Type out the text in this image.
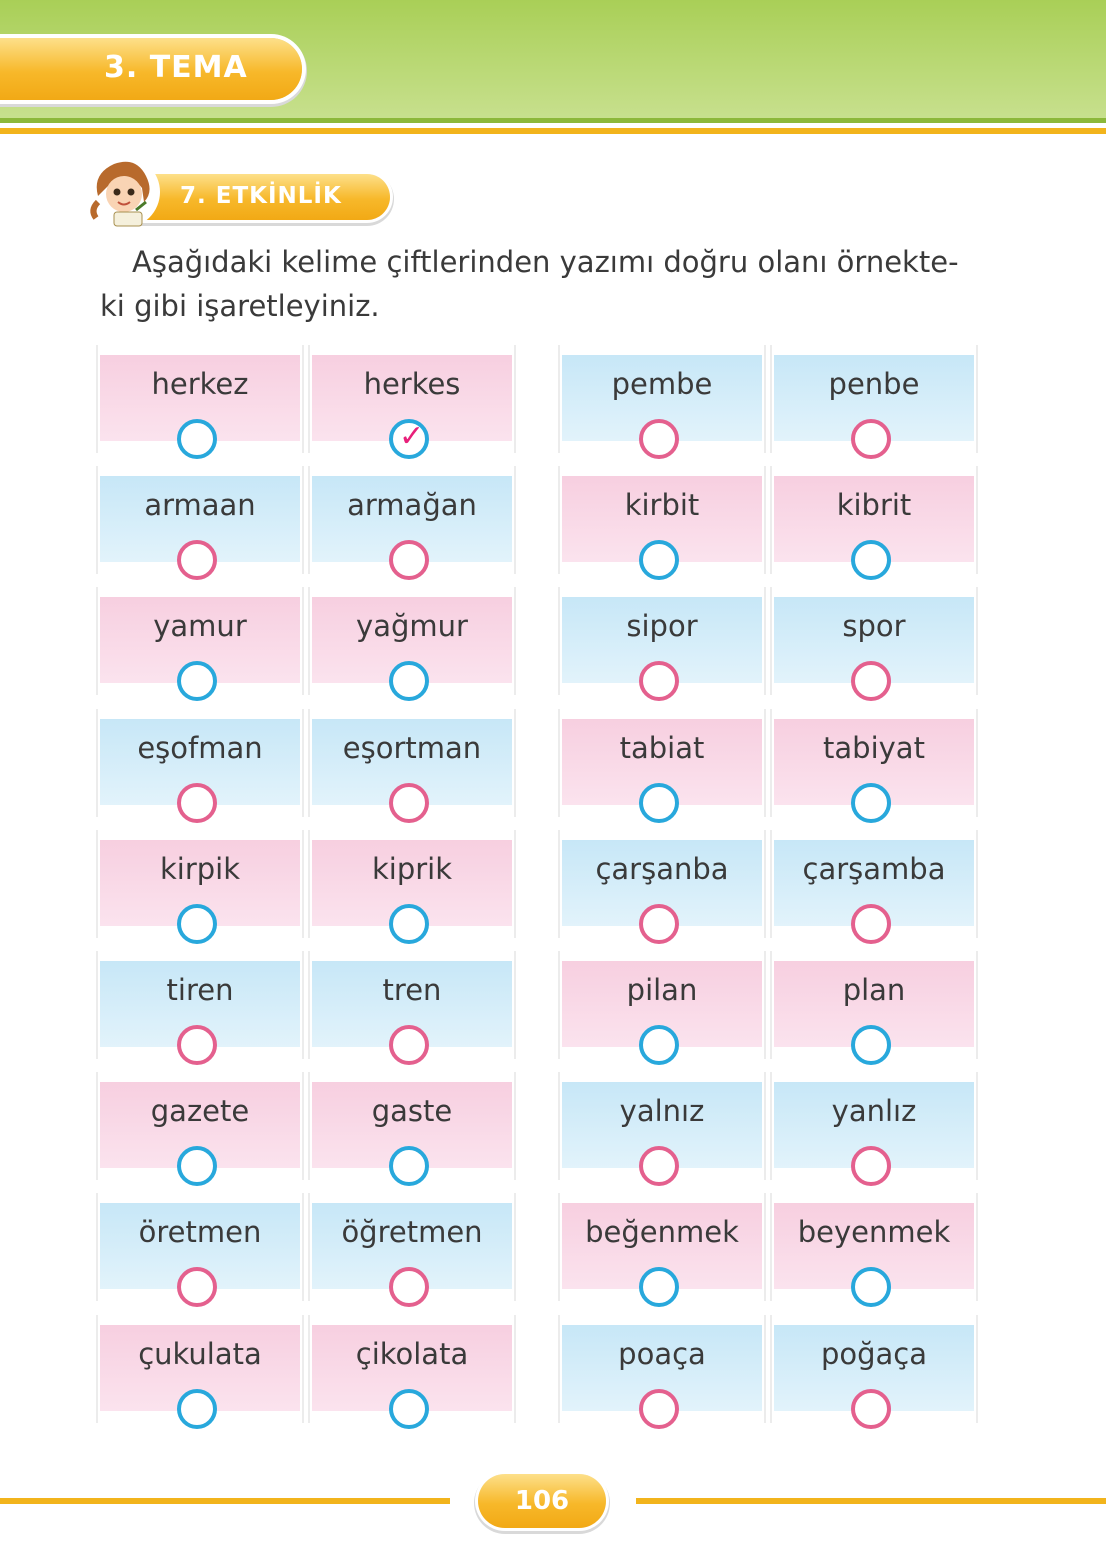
3. TEMA
7. ETKİNLİK
Aşağıdaki kelime çiftlerinden yazımı doğru olanı örnekte-
ki gibi işaretleyiniz.
herkez	herkes
✓
armaan	armağan
yamur	yağmur
eşofman	eşortman
kirpik	kiprik
tiren	tren
gazete	gaste
öretmen	öğretmen
çukulata	çikolata
pembe	penbe
kirbit	kibrit
sipor	spor
tabiat	tabiyat
çarşanba	çarşamba
pilan	plan
yalnız	yanlız
beğenmek	beyenmek
poaça	poğaça
106
